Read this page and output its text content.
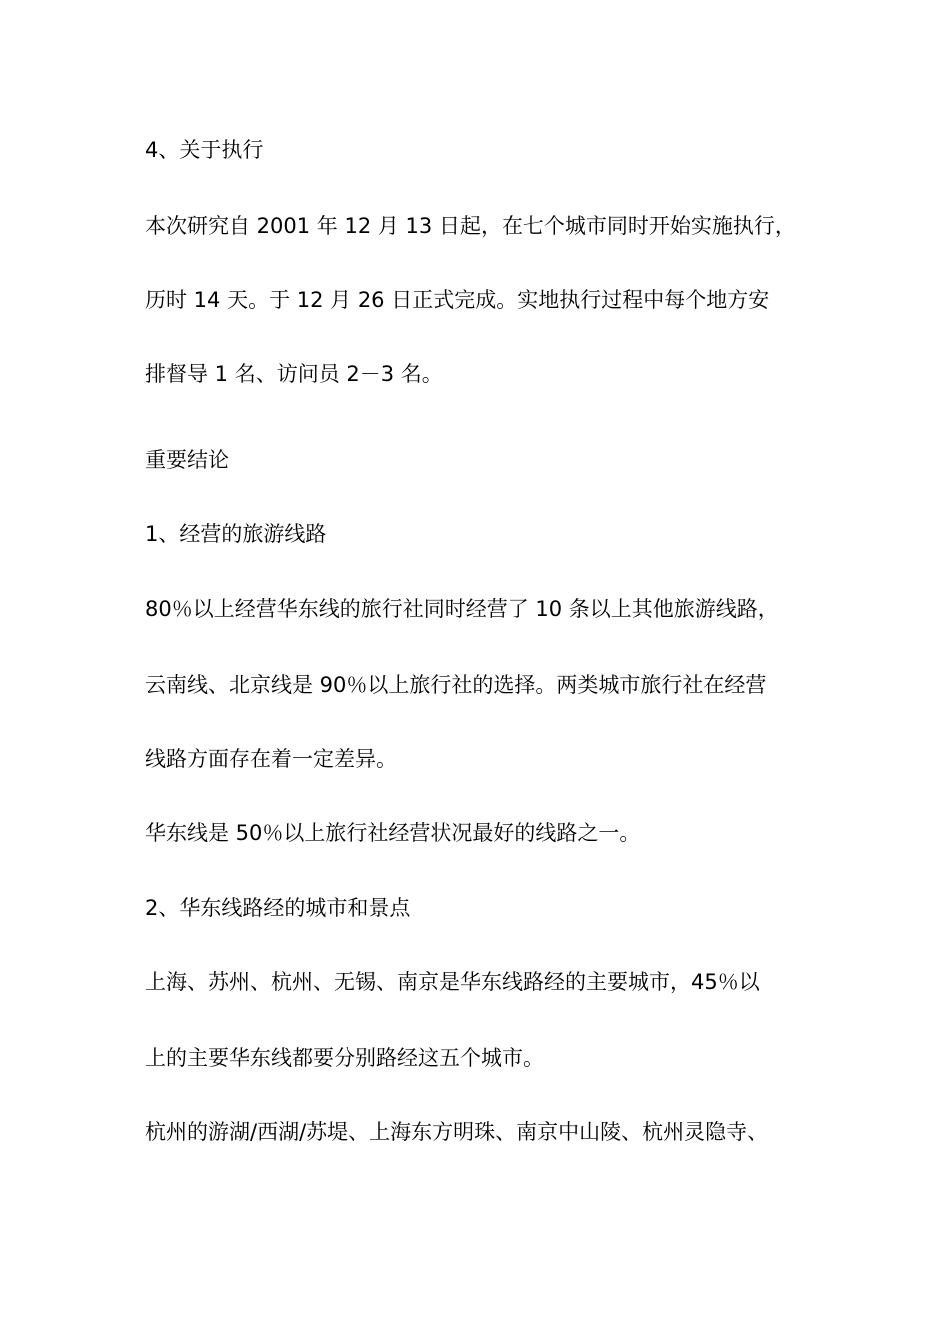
4、关于执行
本次研究自 2001 年 12 月 13 日起，在七个城市同时开始实施执行，
历时 14 天。于 12 月 26 日正式完成。实地执行过程中每个地方安
排督导 1 名、访问员 2－3 名。
重要结论
1、经营的旅游线路
80％以上经营华东线的旅行社同时经营了 10 条以上其他旅游线路，
云南线、北京线是 90％以上旅行社的选择。两类城市旅行社在经营
线路方面存在着一定差异。
华东线是 50％以上旅行社经营状况最好的线路之一。
2、华东线路经的城市和景点
上海、苏州、杭州、无锡、南京是华东线路经的主要城市，45％以
上的主要华东线都要分别路经这五个城市。
杭州的游湖/西湖/苏堤、上海东方明珠、南京中山陵、杭州灵隐寺、
